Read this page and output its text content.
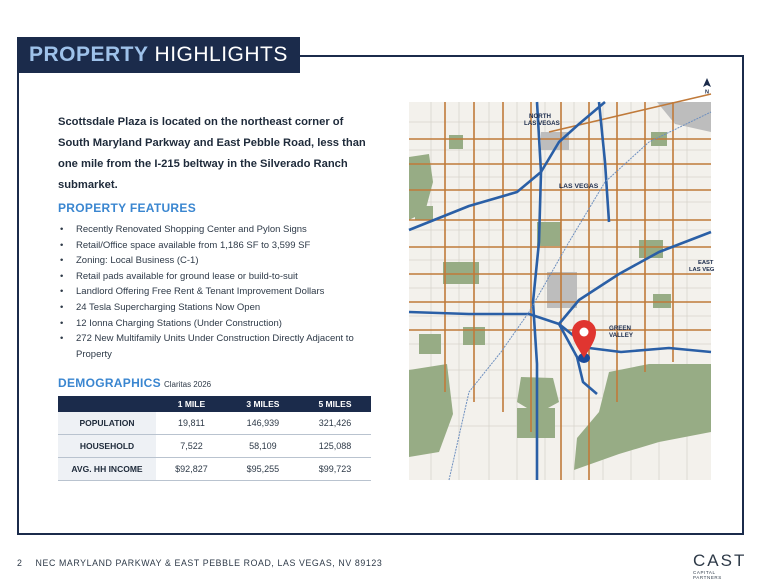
PROPERTY HIGHLIGHTS
N
Scottsdale Plaza is located on the northeast corner of South Maryland Parkway and East Pebble Road, less than one mile from the I-215 beltway in the Silverado Ranch submarket.
PROPERTY FEATURES
• Recently Renovated Shopping Center and Pylon Signs
• Retail/Office space available from 1,186 SF to 3,599 SF
• Zoning: Local Business (C-1)
• Retail pads available for ground lease or build-to-suit
• Landlord Offering Free Rent & Tenant Improvement Dollars
• 24 Tesla Supercharging Stations Now Open
• 12 Ionna Charging Stations (Under Construction)
• 272 New Multifamily Units Under Construction Directly Adjacent to Property
DEMOGRAPHICS Claritas 2026
	1 MILE	3 MILES	5 MILES
POPULATION	19,811	146,939	321,426
HOUSEHOLD	7,522	58,109	125,088
AVG. HH INCOME	$92,827	$95,255	$99,723
NORTH LAS VEGAS
LAS VEGAS
EAST LAS VEG
GREEN VALLEY
2 NEC MARYLAND PARKWAY & EAST PEBBLE ROAD, LAS VEGAS, NV 89123	CAST
CAPITAL PARTNERS
